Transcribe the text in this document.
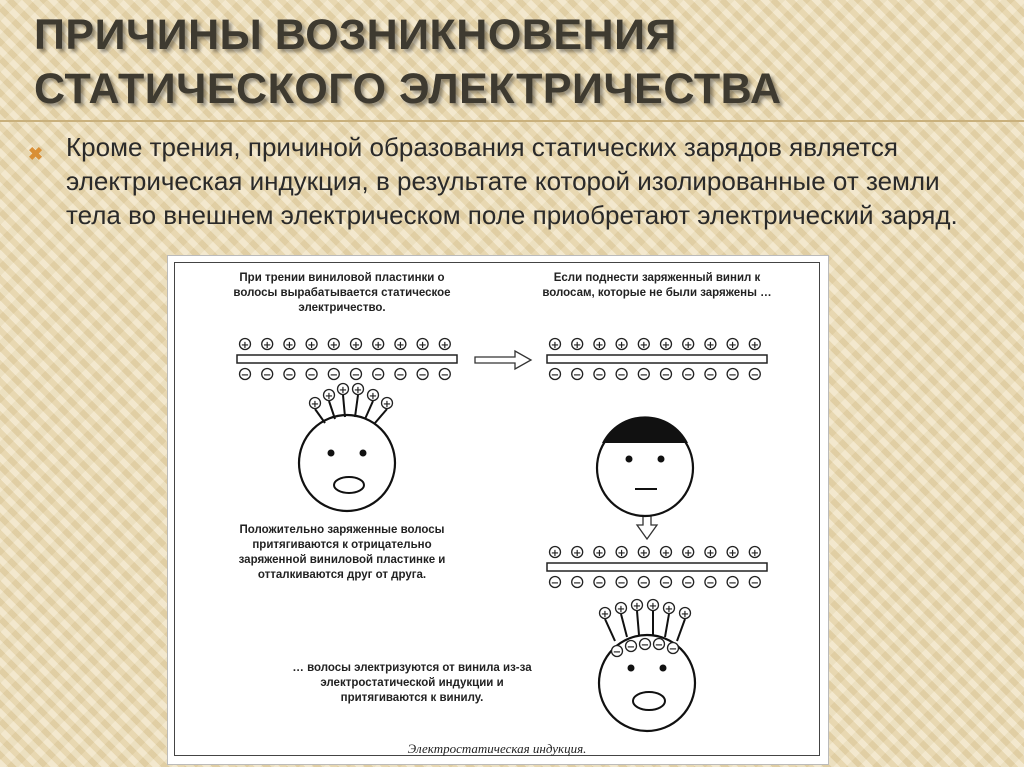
ПРИЧИНЫ ВОЗНИКНОВЕНИЯ СТАТИЧЕСКОГО ЭЛЕКТРИЧЕСТВА
✖ Кроме трения, причиной образования статических зарядов является электрическая индукция, в результате которой изолированные от земли тела во внешнем электрическом поле приобретают электрический заряд.

При трении виниловой пластинки о волосы вырабатывается статическое электричество.
Если поднести заряженный винил к волосам, которые не были заряжены …
Положительно заряженные волосы притягиваются к отрицательно заряженной виниловой пластинке и отталкиваются друг от друга.
… волосы электризуются от винила из-за электростатической индукции и притягиваются к винилу.
+ + + + + + + + + +
− − − − − − − − − −
+ + + + + + + + + +
− − − − − − − − − −
+ + + + + + + + + +
− − − − − − − − − −
+
+
+ +
+
+
+ + + + + +
− − − − −
Электростатическая индукция.
